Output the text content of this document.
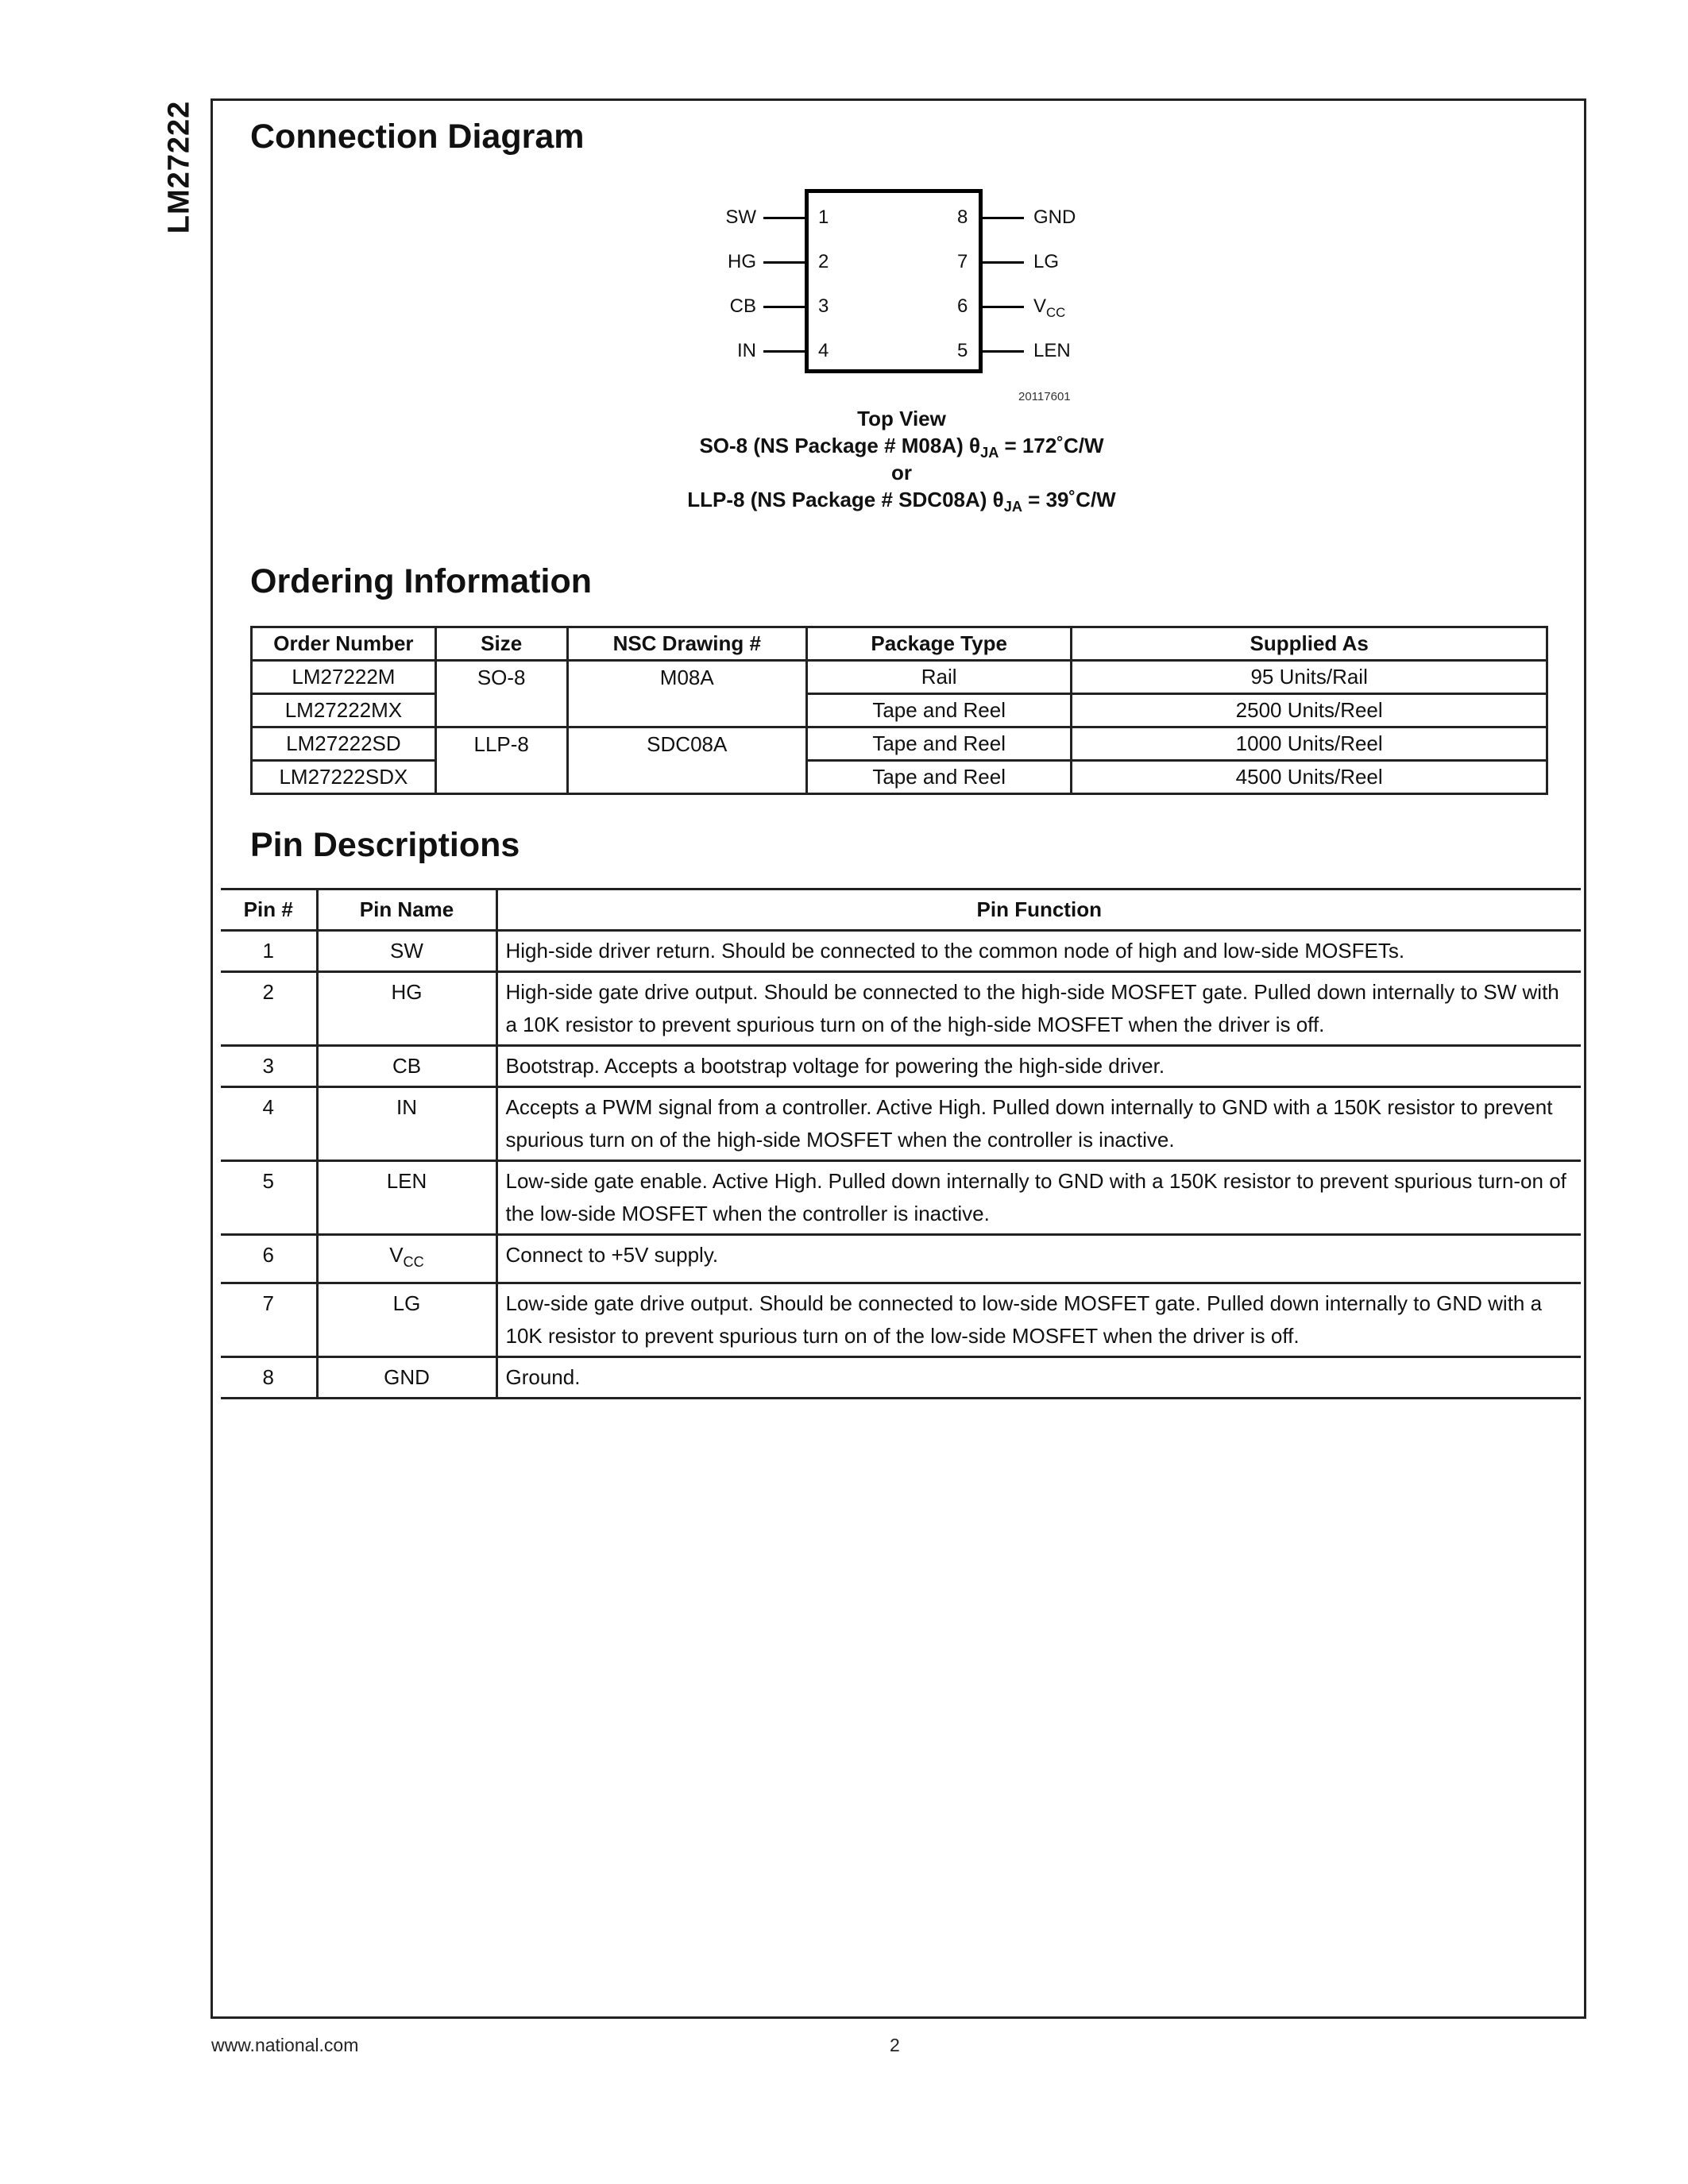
LM27222 Connection Diagram
SW
HG
CB
IN
1
2
3
4
8
7
6
5
GND
LG
$V_{CC}$
LEN
20117601
Top View
SO-8 (NS Package # M08A) $\theta_{JA}$ = 172˚C/W
or
LLP-8 (NS Package # SDC08A) $\theta_{JA}$ = 39˚C/W
Ordering Information
Order Number	Size	NSC Drawing #	Package Type	Supplied As
LM27222M	SO-8	M08A	Rail	95 Units/Rail
LM27222MX			Tape and Reel	2500 Units/Reel
LM27222SD	LLP-8	SDC08A	Tape and Reel	1000 Units/Reel
LM27222SDX			Tape and Reel	4500 Units/Reel
Pin Descriptions
Pin #	Pin Name	Pin Function
1	SW	High-side driver return. Should be connected to the common node of high and low-side MOSFETs.
2	HG	High-side gate drive output. Should be connected to the high-side MOSFET gate. Pulled down internally to SW with a 10K resistor to prevent spurious turn on of the high-side MOSFET when the driver is off.
3	CB	Bootstrap. Accepts a bootstrap voltage for powering the high-side driver.
4	IN	Accepts a PWM signal from a controller. Active High. Pulled down internally to GND with a 150K resistor to prevent spurious turn on of the high-side MOSFET when the controller is inactive.
5	LEN	Low-side gate enable. Active High. Pulled down internally to GND with a 150K resistor to prevent spurious turn-on of the low-side MOSFET when the controller is inactive.
6	$V_{CC}$	Connect to +5V supply.
7	LG	Low-side gate drive output. Should be connected to low-side MOSFET gate. Pulled down internally to GND with a 10K resistor to prevent spurious turn on of the low-side MOSFET when the driver is off.
8	GND	Ground.
www.national.com	2
